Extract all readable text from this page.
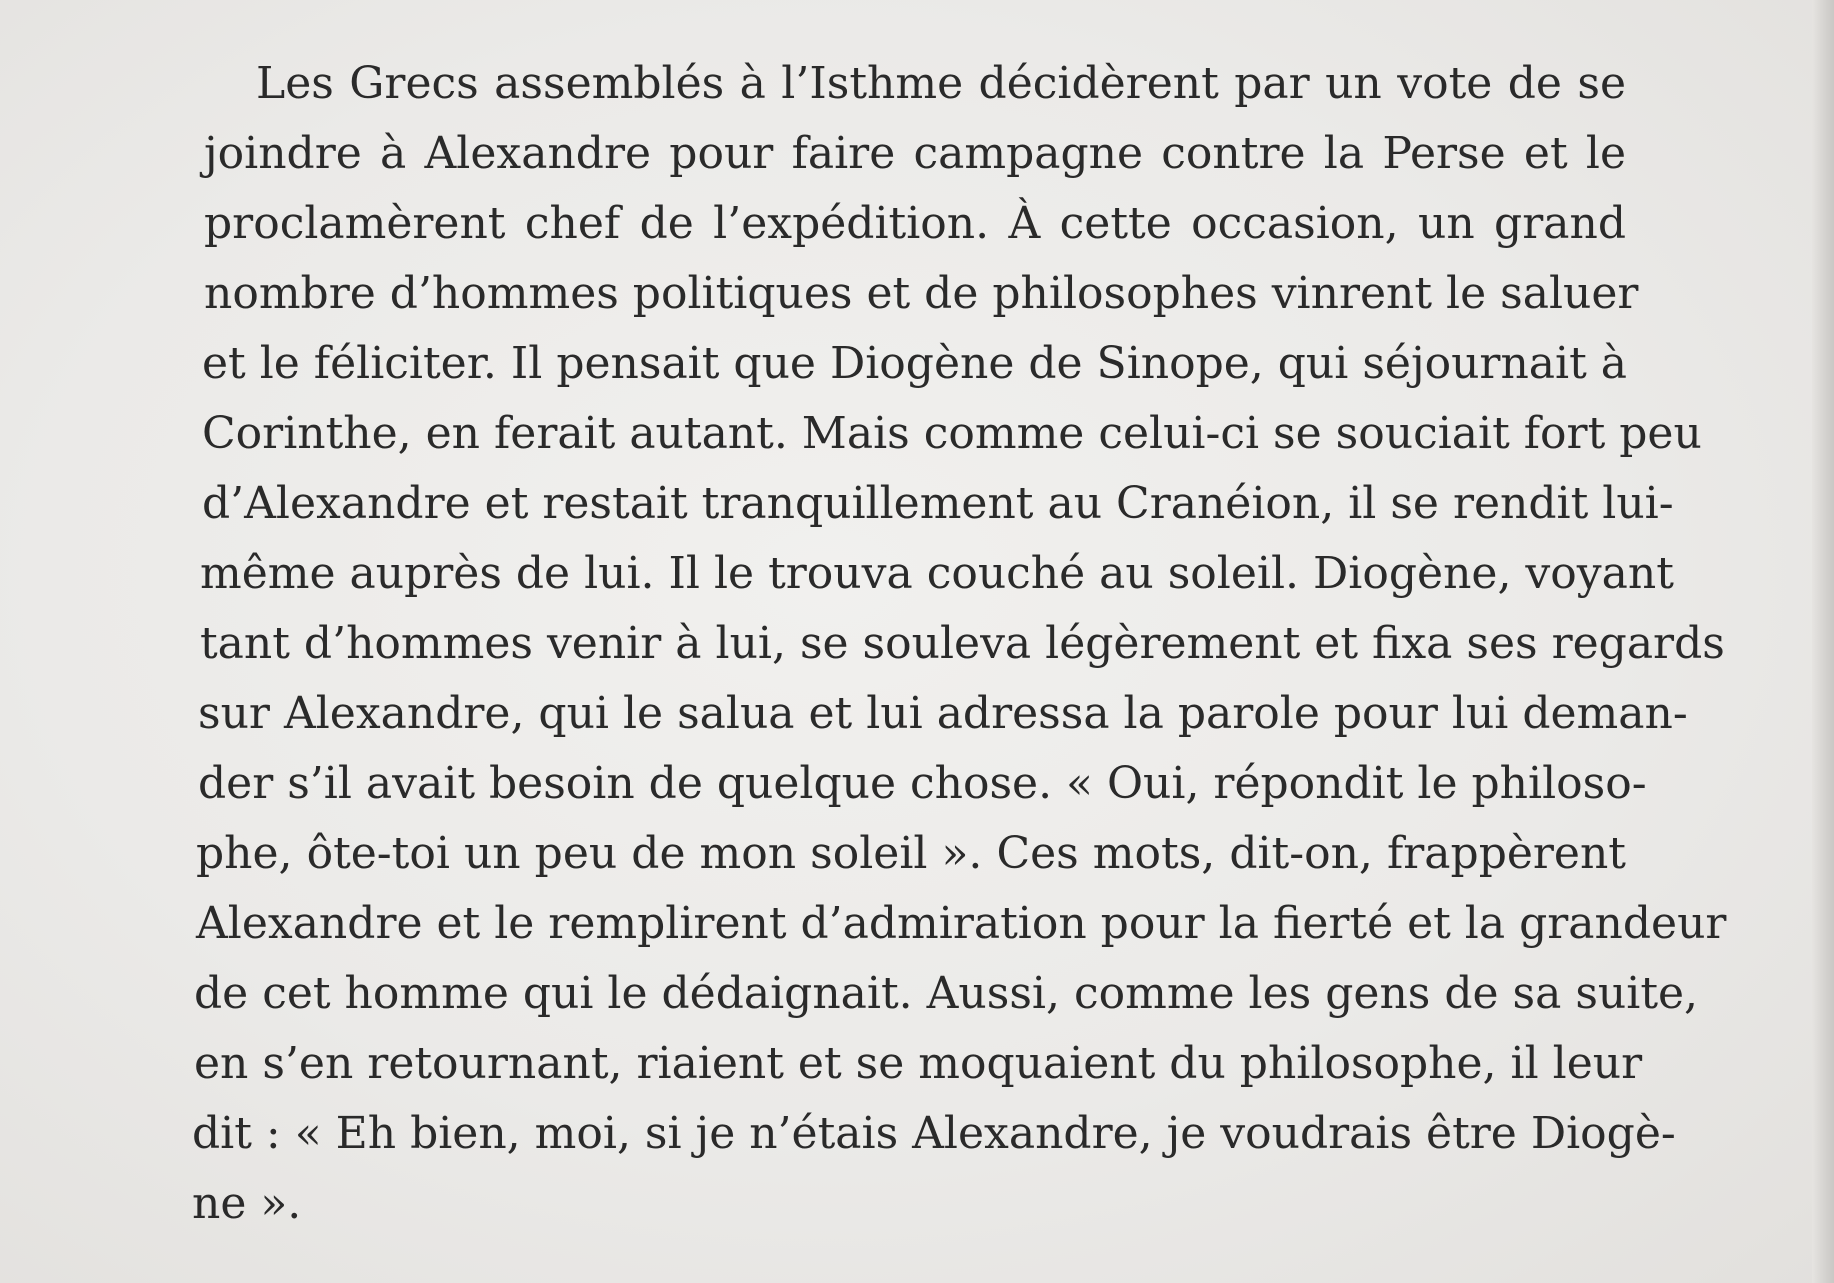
Les Grecs assemblés à l’Isthme décidèrent par un vote de se

joindre à Alexandre pour faire campagne contre la Perse et le

proclamèrent chef de l’expédition. À cette occasion, un grand

nombre d’hommes politiques et de philosophes vinrent le saluer

et le féliciter. Il pensait que Diogène de Sinope, qui séjournait à

Corinthe, en ferait autant. Mais comme celui-ci se souciait fort peu

d’Alexandre et restait tranquillement au Cranéion, il se rendit lui-

même auprès de lui. Il le trouva couché au soleil. Diogène, voyant

tant d’hommes venir à lui, se souleva légèrement et fixa ses regards

sur Alexandre, qui le salua et lui adressa la parole pour lui deman-

der s’il avait besoin de quelque chose. « Oui, répondit le philoso-

phe, ôte-toi un peu de mon soleil ». Ces mots, dit-on, frappèrent

Alexandre et le remplirent d’admiration pour la fierté et la grandeur

de cet homme qui le dédaignait. Aussi, comme les gens de sa suite,

en s’en retournant, riaient et se moquaient du philosophe, il leur

dit : « Eh bien, moi, si je n’étais Alexandre, je voudrais être Diogè-

ne ».
